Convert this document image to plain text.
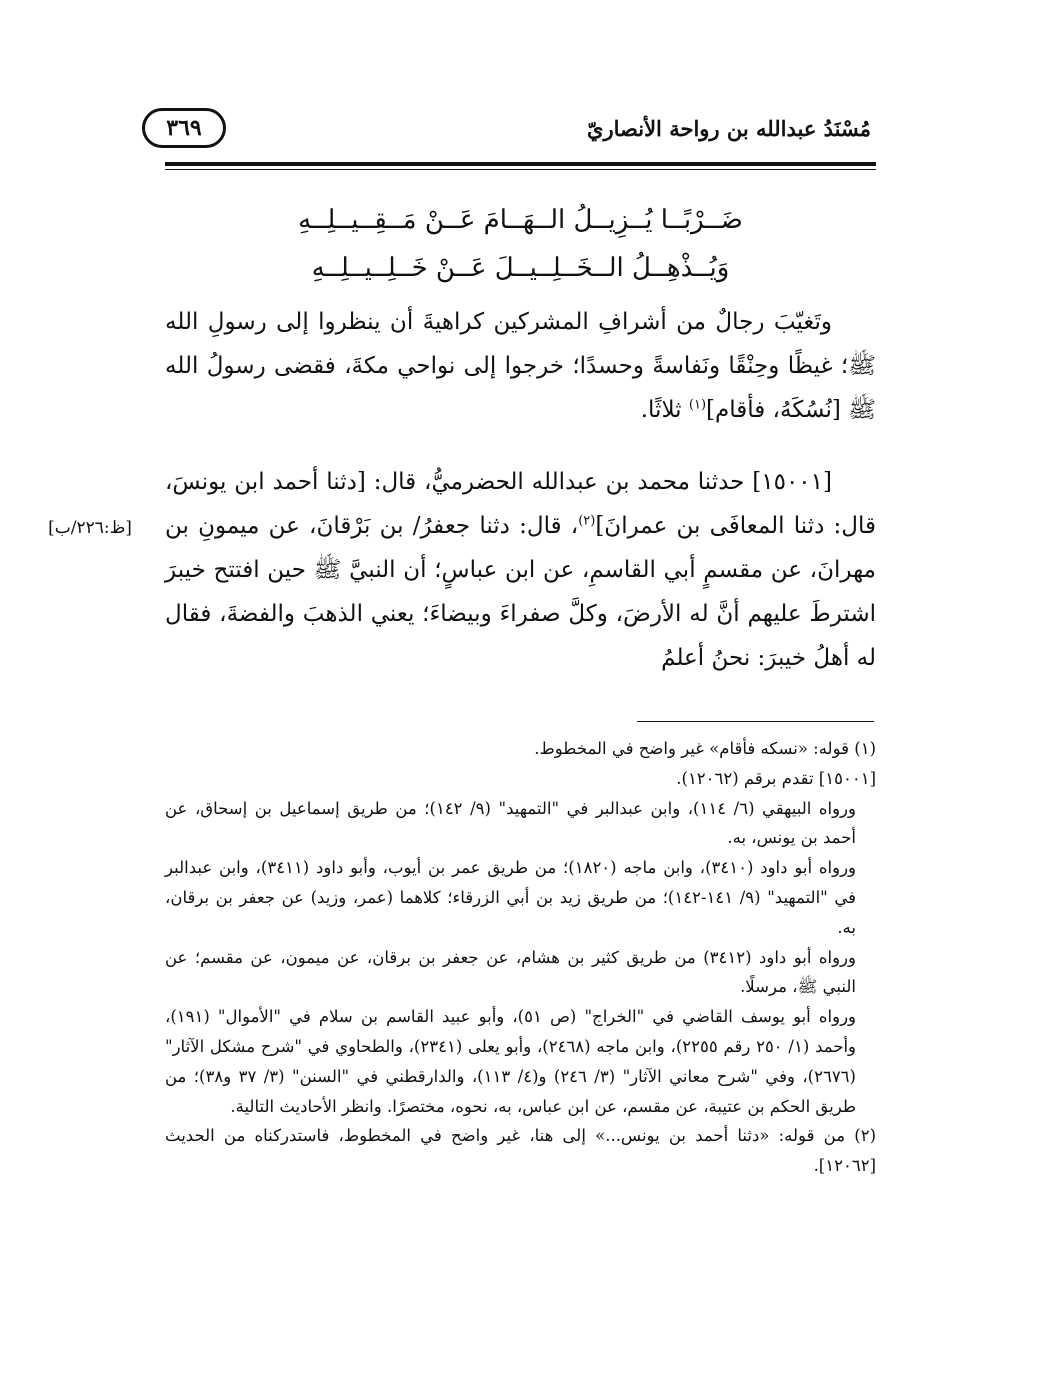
مُسْنَدُ عبدالله بن رواحة الأنصاريّ
٣٦٩
ضَــرْبًــا يُــزِيــلُ الــهَــامَ عَــنْ مَــقِــيــلِــهِ
وَيُــذْهِــلُ الــخَــلِــيــلَ عَــنْ خَــلِــيــلِــهِ
وتَغيّبَ رجالٌ من أشرافِ المشركين كراهيةَ أن ينظروا إلى رسولِ الله ﷺ؛ غيظًا وحِنْقًا ونَفاسةً وحسدًا؛ خرجوا إلى نواحي مكةَ، فقضى رسولُ الله ﷺ [نُسُكَهُ، فأقام]$^{(١)}$ ثلاثًا.
[١٥٠٠١] حدثنا محمد بن عبدالله الحضرميُّ، قال: [دثنا أحمد ابن يونسَ، قال: دثنا المعافَى بن عمرانَ]$^{(٢)}$، قال: دثنا جعفرُ/ بن بَرْقانَ، عن ميمونِ بن مهرانَ، عن مقسمٍ أبي القاسمِ، عن ابن عباسٍ؛ أن النبيَّ ﷺ حين افتتح خيبرَ اشترطَ عليهم أنَّ له الأرضَ، وكلَّ صفراءَ وبيضاءَ؛ يعني الذهبَ والفضةَ، فقال له أهلُ خيبرَ: نحنُ أعلمُ
[ظ:٢٢٦/ب]
(١) قوله: «نسكه فأقام» غير واضح في المخطوط.
[١٥٠٠١] تقدم برقم (١٢٠٦٢).
ورواه البيهقي (٦/ ١١٤)، وابن عبدالبر في "التمهيد" (٩/ ١٤٢)؛ من طريق إسماعيل بن إسحاق، عن أحمد بن يونس، به.
ورواه أبو داود (٣٤١٠)، وابن ماجه (١٨٢٠)؛ من طريق عمر بن أيوب، وأبو داود (٣٤١١)، وابن عبدالبر في "التمهيد" (٩/ ١٤١-١٤٢)؛ من طريق زيد بن أبي الزرقاء؛ كلاهما (عمر، وزيد) عن جعفر بن برقان، به.
ورواه أبو داود (٣٤١٢) من طريق كثير بن هشام، عن جعفر بن برقان، عن ميمون، عن مقسم؛ عن النبي ﷺ، مرسلًا.
ورواه أبو يوسف القاضي في "الخراج" (ص ٥١)، وأبو عبيد القاسم بن سلام في "الأموال" (١٩١)، وأحمد (١/ ٢٥٠ رقم ٢٢٥٥)، وابن ماجه (٢٤٦٨)، وأبو يعلى (٢٣٤١)، والطحاوي في "شرح مشكل الآثار" (٢٦٧٦)، وفي "شرح معاني الآثار" (٣/ ٢٤٦) و(٤/ ١١٣)، والدارقطني في "السنن" (٣/ ٣٧ و٣٨)؛ من طريق الحكم بن عتيبة، عن مقسم، عن ابن عباس، به، نحوه، مختصرًا. وانظر الأحاديث التالية.
(٢) من قوله: «دثنا أحمد بن يونس...» إلى هنا، غير واضح في المخطوط، فاستدركناه من الحديث [١٢٠٦٢].
